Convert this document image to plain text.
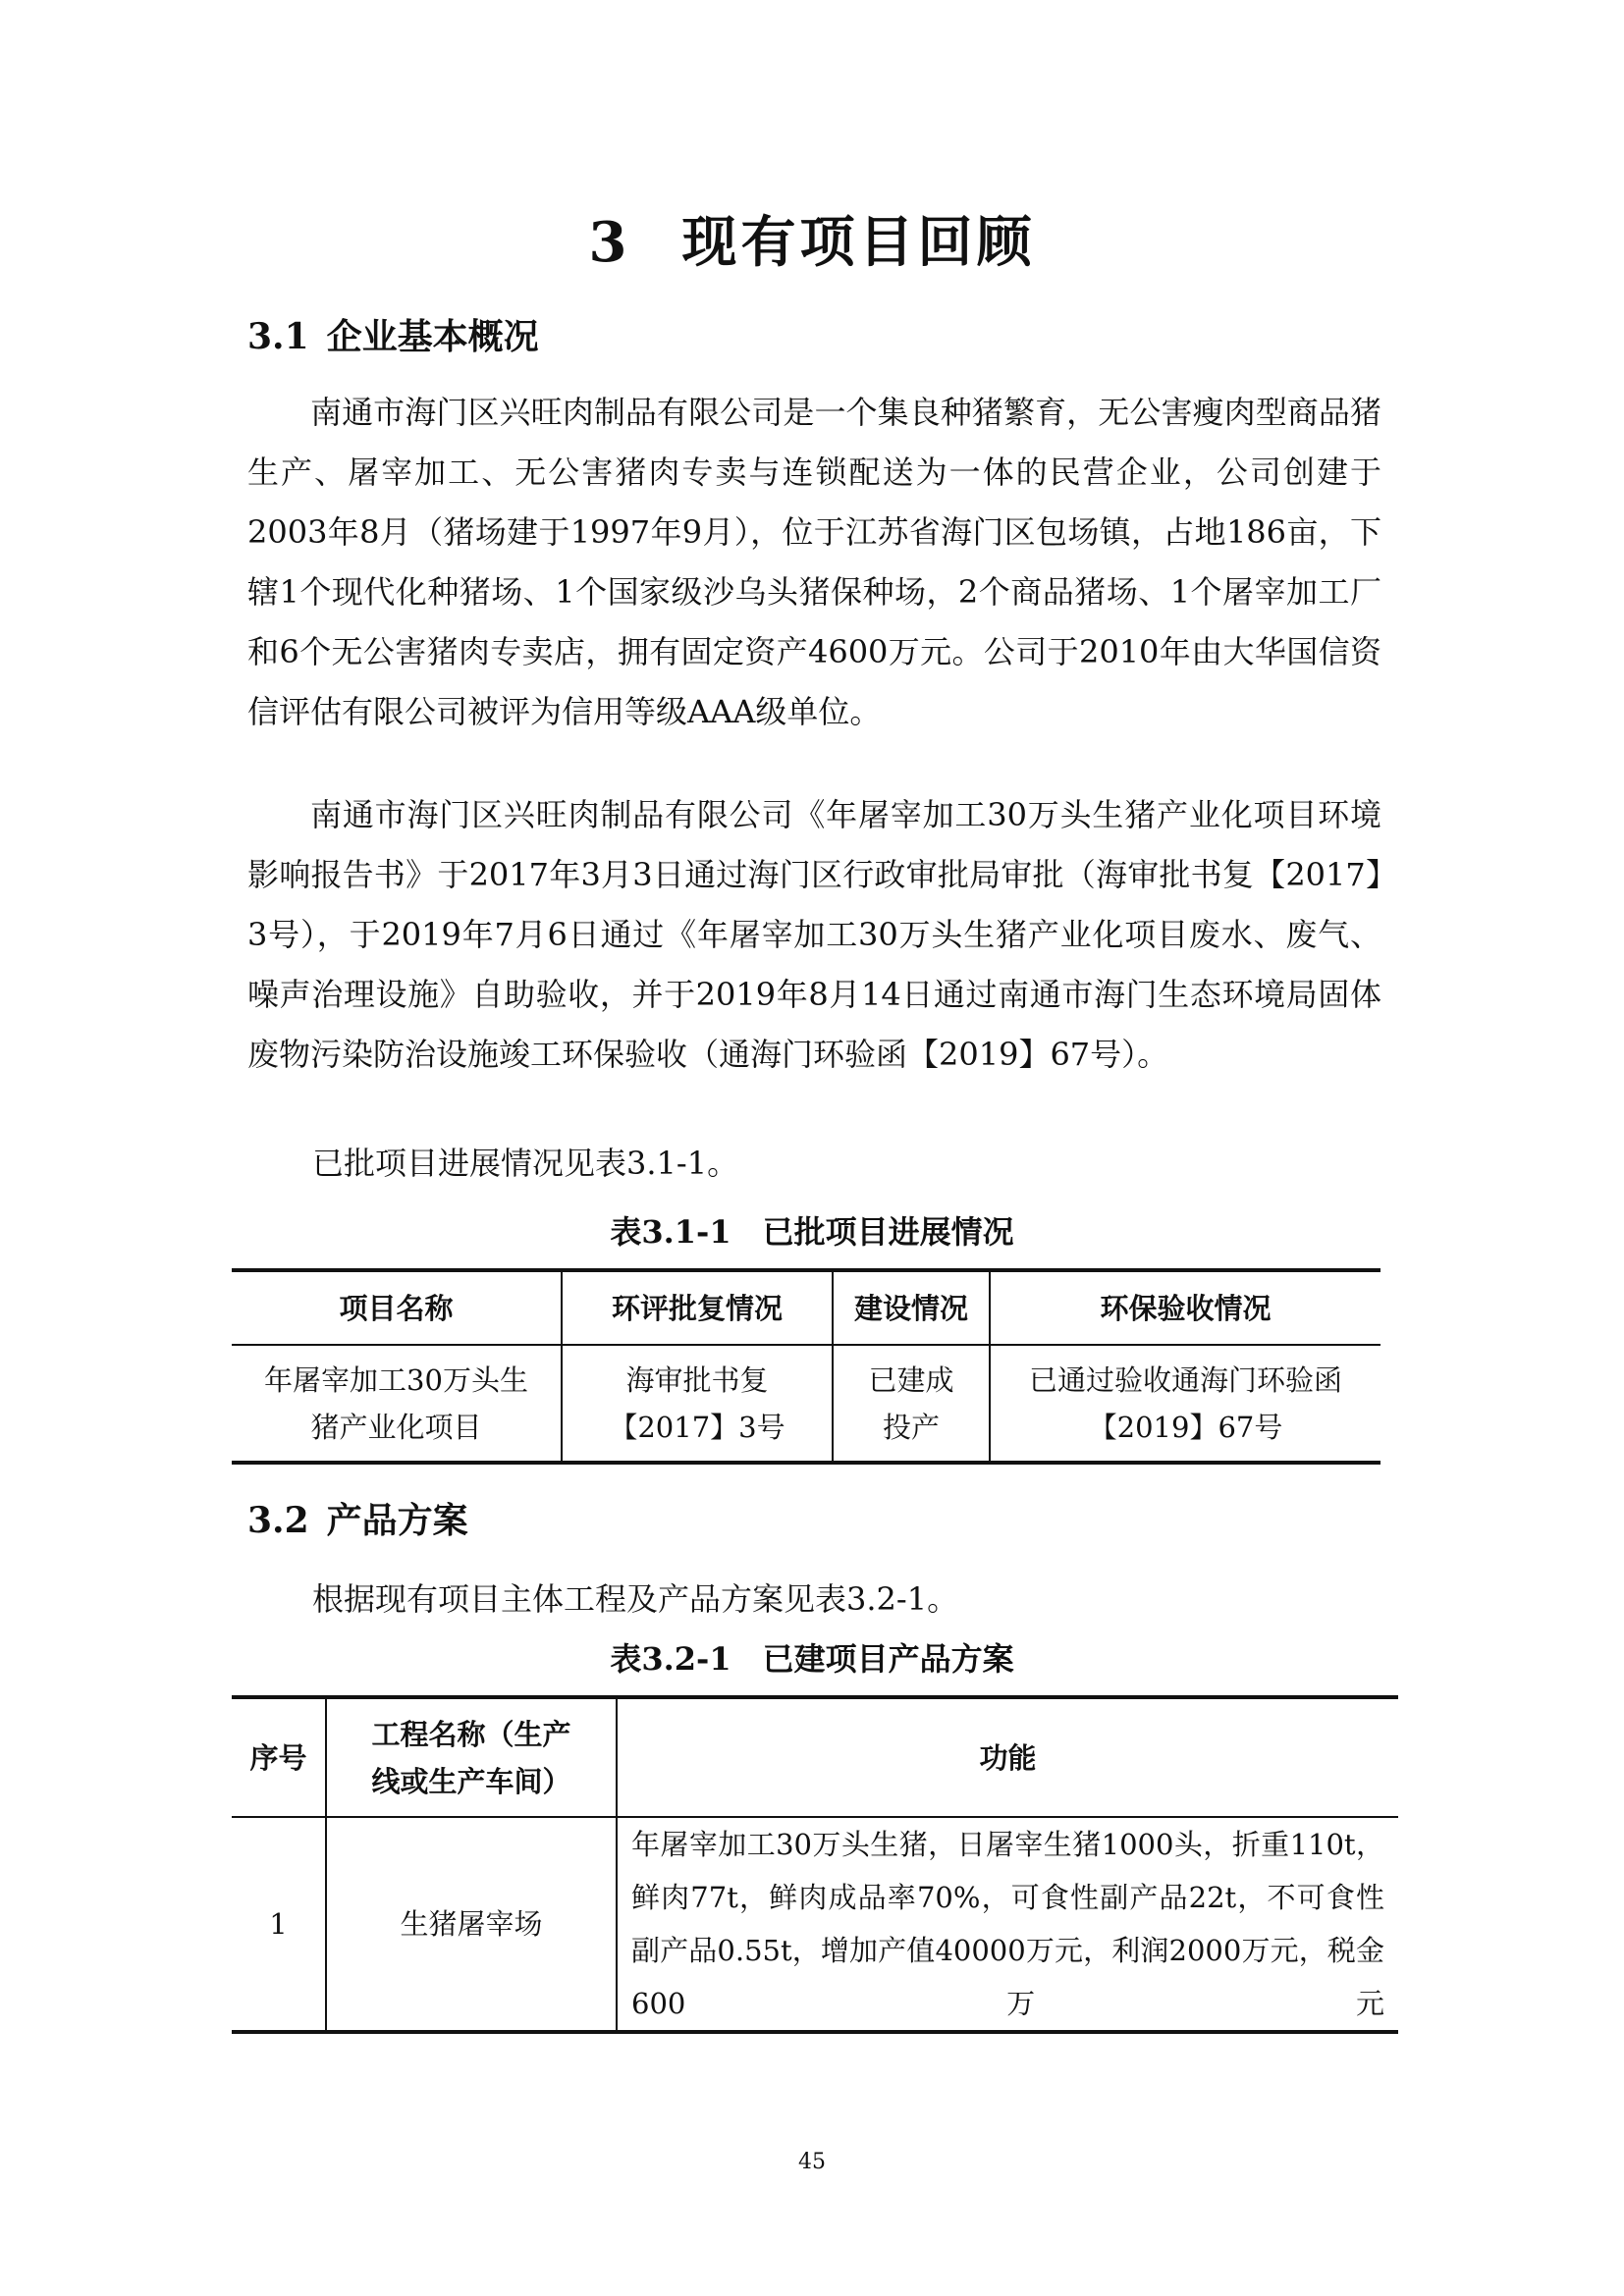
3 现有项目回顾
3.1 企业基本概况

南通市海门区兴旺肉制品有限公司是一个集良种猪繁育，无公害瘦肉型商品猪生产、屠宰加工、无公害猪肉专卖与连锁配送为一体的民营企业，公司创建于2003年8月（猪场建于1997年9月），位于江苏省海门区包场镇，占地186亩，下辖1个现代化种猪场、1个国家级沙乌头猪保种场，2个商品猪场、1个屠宰加工厂和6个无公害猪肉专卖店，拥有固定资产4600万元。公司于2010年由大华国信资信评估有限公司被评为信用等级AAA级单位。

南通市海门区兴旺肉制品有限公司《年屠宰加工30万头生猪产业化项目环境影响报告书》于2017年3月3日通过海门区行政审批局审批（海审批书复【2017】3号），于2019年7月6日通过《年屠宰加工30万头生猪产业化项目废水、废气、噪声治理设施》自助验收，并于2019年8月14日通过南通市海门生态环境局固体废物污染防治设施竣工环保验收（通海门环验函【2019】67号）。

已批项目进展情况见表3.1-1。
表3.1-1 已批项目进展情况
项目名称	环评批复情况	建设情况	环保验收情况
年屠宰加工30万头生猪产业化项目	海审批书复【2017】3号	已建成投产	已通过验收通海门环验函【2019】67号
3.2 产品方案
根据现有项目主体工程及产品方案见表3.2-1。
表3.2-1 已建项目产品方案
序号	工程名称（生产线或生产车间）	功能
1	生猪屠宰场	年屠宰加工30万头生猪，日屠宰生猪1000头，折重110t，鲜肉77t，鲜肉成品率70%，可食性副产品22t，不可食性副产品0.55t，增加产值40000万元，利润2000万元，税金600万元
45
